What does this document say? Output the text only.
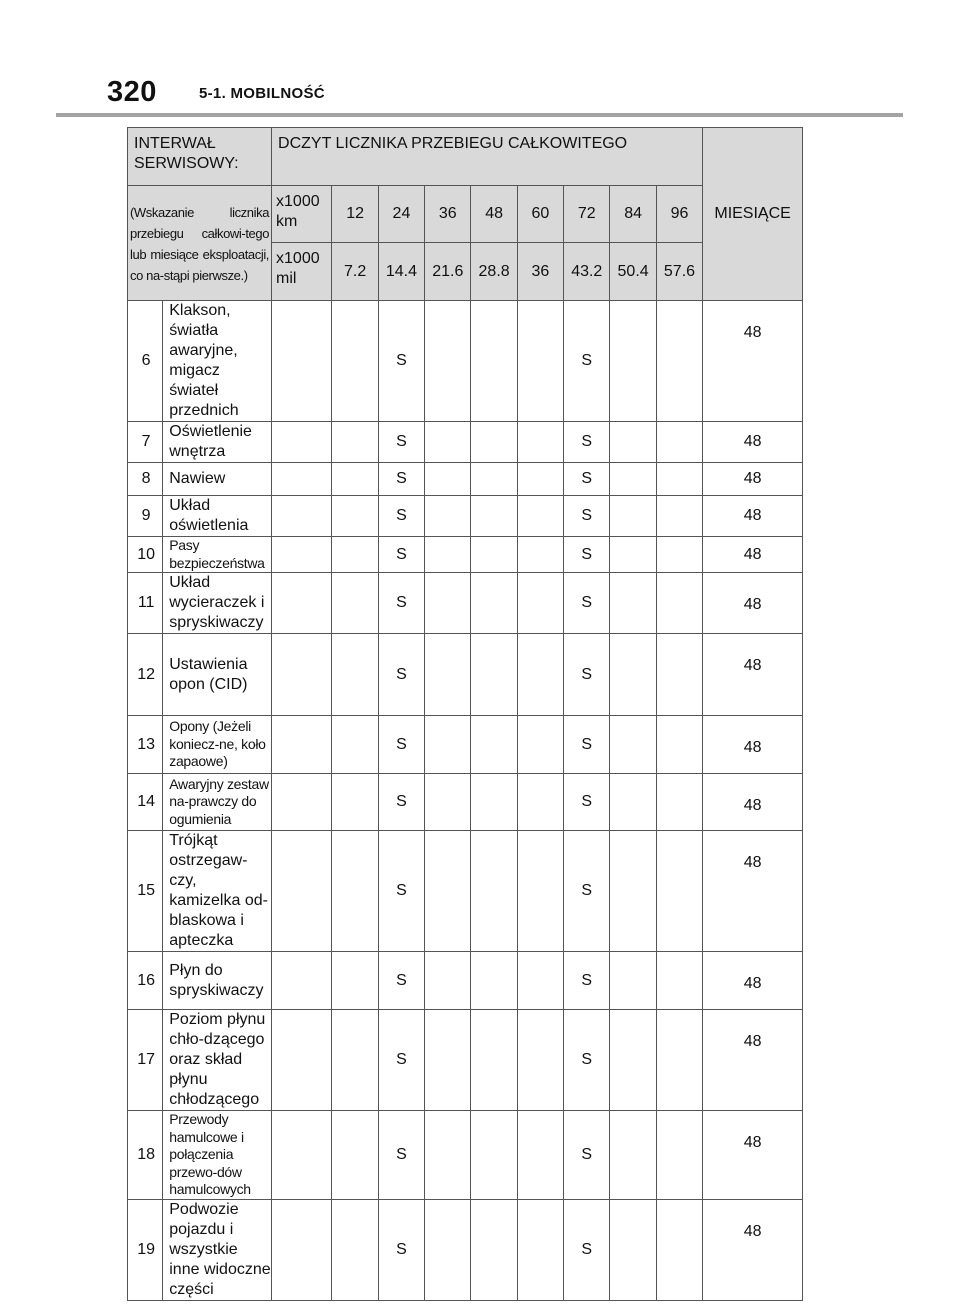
320	5-1. MOBILNOŚĆ
INTERWAŁ SERWISOWY:		DCZYT LICZNIKA PRZEBIEGU CAŁKOWITEGO									MIESIĄCE
(Wskazanie licznika przebiegu całkowi-tego lub miesiące eksploatacji, co na-stąpi pierwsze.)		x1000 km	12	24	36	48	60	72	84	96	
		x1000 mil	7.2	14.4	21.6	28.8	36	43.2	50.4	57.6	
6	Klakson, światła awaryjne, migacz świateł przednich			S				S			48
7	Oświetlenie wnętrza			S				S			48
8	Nawiew			S				S			48
9	Układ oświetlenia			S				S			48
10	Pasy bezpieczeństwa			S				S			48
11	Układ wycieraczek i spryskiwaczy			S				S			48
12	Ustawienia opon (CID)			S				S			48
13	Opony (Jeżeli koniecz-ne, koło zapaowe)			S				S			48
14	Awaryjny zestaw na-prawczy do ogumienia			S				S			48
15	Trójkąt ostrzegaw-czy, kamizelka od-blaskowa i apteczka			S				S			48
16	Płyn do spryskiwaczy			S				S			48
17	Poziom płynu chło-dzącego oraz skład płynu chłodzącego			S				S			48
18	Przewody hamulcowe i połączenia przewo-dów hamulcowych			S				S			48
19	Podwozie pojazdu i wszystkie inne widoczne części			S				S			48
